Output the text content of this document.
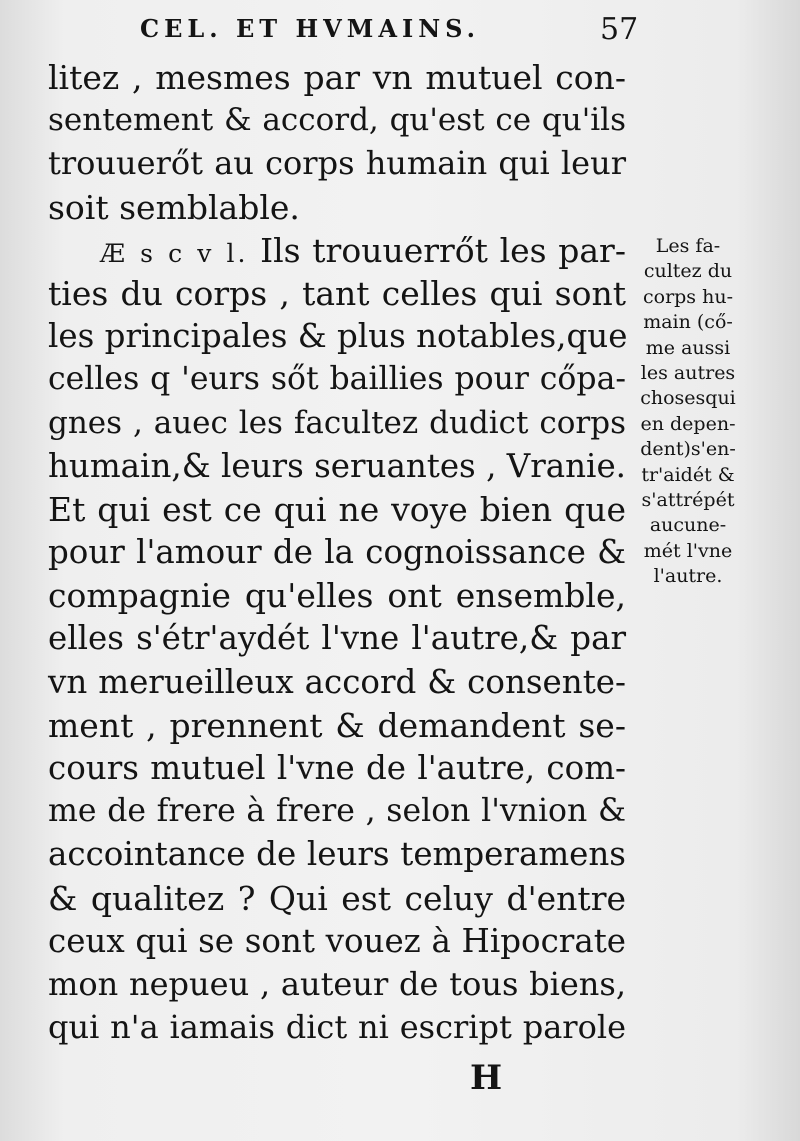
CEL. ET HVMAINS.	57
litez , mesmes par vn mutuel con-
sentement & accord, qu'est ce qu'ils
trouuerőt au corps humain qui leur
soit semblable.
Æ s c v l. Ils trouuerrőt les par-
ties du corps , tant celles qui sont
les principales & plus notables,que
celles q 'eurs sőt baillies pour cőpa-
gnes , auec les facultez dudict corps
humain,& leurs seruantes , Vranie.
Et qui est ce qui ne voye bien que
pour l'amour de la cognoissance &
compagnie qu'elles ont ensemble,
elles s'étr'aydét l'vne l'autre,& par
vn merueilleux accord & consente-
ment , prennent & demandent se-
cours mutuel l'vne de l'autre, com-
me de frere à frere , selon l'vnion &
accointance de leurs temperamens
& qualitez ? Qui est celuy d'entre
ceux qui se sont vouez à Hipocrate
mon nepueu , auteur de tous biens,
qui n'a iamais dict ni escript parole
Les fa-
cultez du
corps hu-
main (cő-
me aussi
les autres
chosesqui
en depen-
dent)s'en-
tr'aidét &
s'attrépét
aucune-
mét l'vne
l'autre.
H
